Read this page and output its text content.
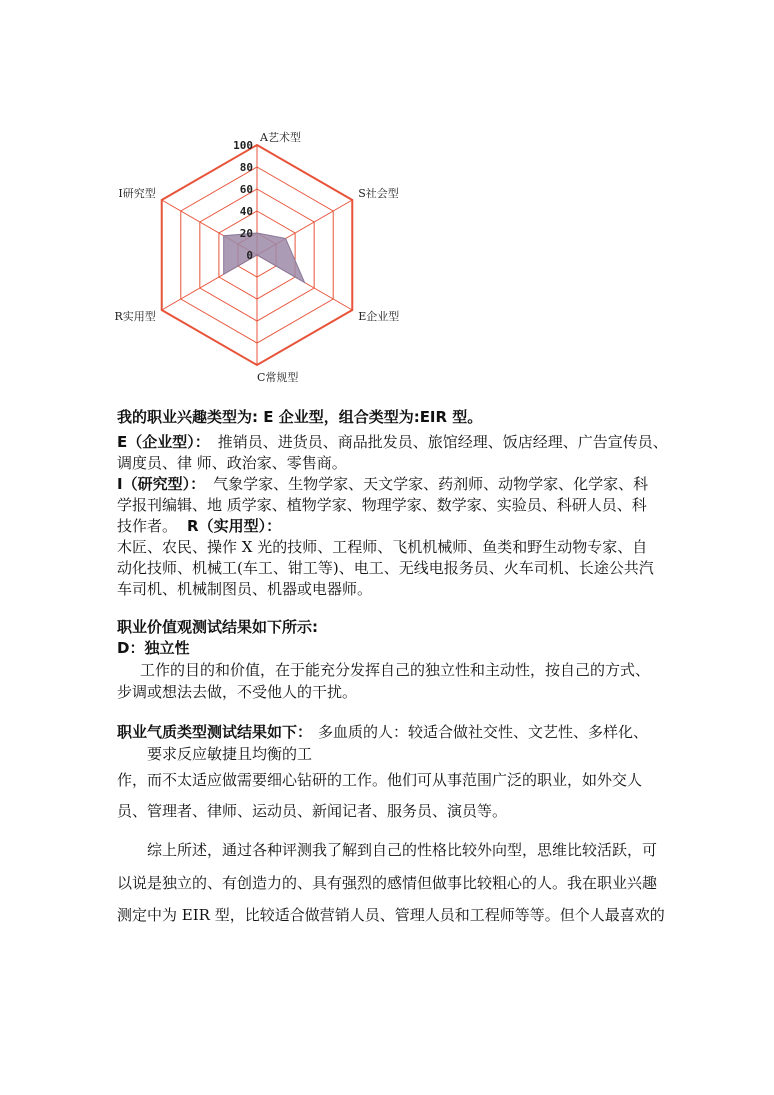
100
80
60
40
20
0
A艺术型
S社会型
E企业型
C常规型
R实用型
I研究型
我的职业兴趣类型为: E 企业型，组合类型为:EIR 型。
E（企业型）： 推销员、进货员、商品批发员、旅馆经理、饭店经理、广告宣传员、
调度员、律 师、政治家、零售商。
I（研究型）： 气象学家、生物学家、天文学家、药剂师、动物学家、化学家、科
学报刊编辑、地 质学家、植物学家、物理学家、数学家、实验员、科研人员、科
技作者。 R（实用型）：
木匠、农民、操作 X 光的技师、工程师、飞机机械师、鱼类和野生动物专家、自
动化技师、机械工(车工、钳工等)、电工、无线电报务员、火车司机、长途公共汽
车司机、机械制图员、机器或电器师。
职业价值观测试结果如下所示:
D：独立性
工作的目的和价值，在于能充分发挥自己的独立性和主动性，按自己的方式、
步调或想法去做，不受他人的干扰。
职业气质类型测试结果如下： 多血质的人：较适合做社交性、文艺性、多样化、
要求反应敏捷且均衡的工
作，而不太适应做需要细心钻研的工作。他们可从事范围广泛的职业，如外交人
员、管理者、律师、运动员、新闻记者、服务员、演员等。
综上所述，通过各种评测我了解到自己的性格比较外向型，思维比较活跃，可
以说是独立的、有创造力的、具有强烈的感情但做事比较粗心的人。我在职业兴趣
测定中为 EIR 型，比较适合做营销人员、管理人员和工程师等等。但个人最喜欢的
